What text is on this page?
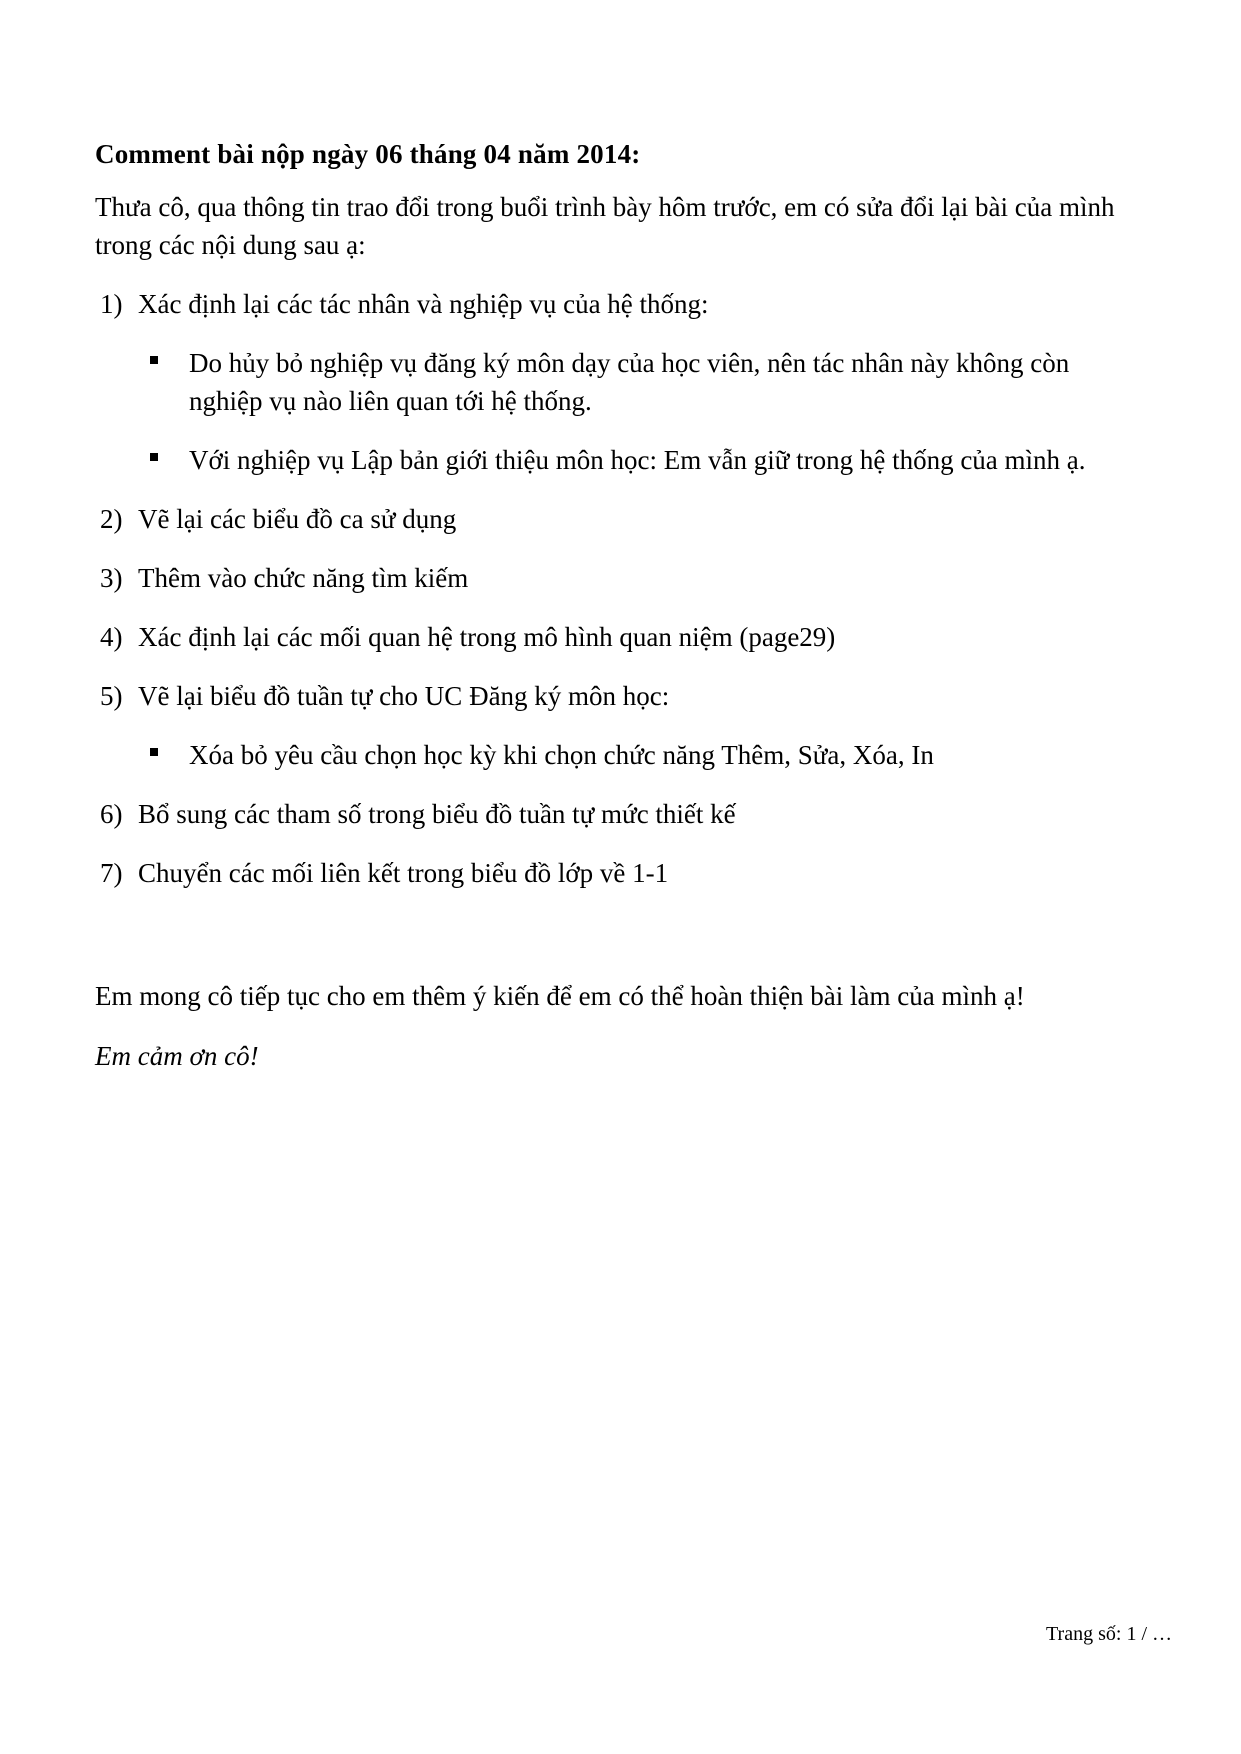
Comment bài nộp ngày 06 tháng 04 năm 2014:

Thưa cô, qua thông tin trao đổi trong buổi trình bày hôm trước, em có sửa đổi lại bài của mình trong các nội dung sau ạ:

1) Xác định lại các tác nhân và nghiệp vụ của hệ thống:
Do hủy bỏ nghiệp vụ đăng ký môn dạy của học viên, nên tác nhân này không còn nghiệp vụ nào liên quan tới hệ thống.
Với nghiệp vụ Lập bản giới thiệu môn học: Em vẫn giữ trong hệ thống của mình ạ.
2) Vẽ lại các biểu đồ ca sử dụng
3) Thêm vào chức năng tìm kiếm
4) Xác định lại các mối quan hệ trong mô hình quan niệm (page29)
5) Vẽ lại biểu đồ tuần tự cho UC Đăng ký môn học:
Xóa bỏ yêu cầu chọn học kỳ khi chọn chức năng Thêm, Sửa, Xóa, In
6) Bổ sung các tham số trong biểu đồ tuần tự mức thiết kế
7) Chuyển các mối liên kết trong biểu đồ lớp về 1-1

Em mong cô tiếp tục cho em thêm ý kiến để em có thể hoàn thiện bài làm của mình ạ!

Em cảm ơn cô!

Trang số: 1 / …
